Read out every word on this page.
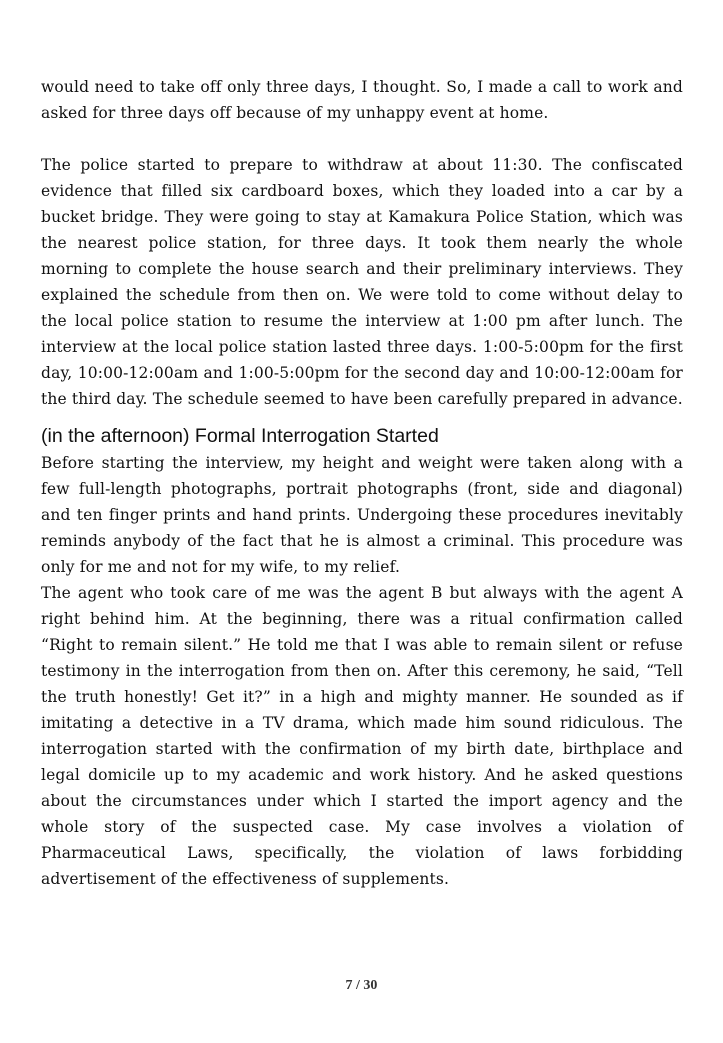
would need to take off only three days, I thought. So, I made a call to work and asked for three days off because of my unhappy event at home.

The police started to prepare to withdraw at about 11:30. The confiscated evidence that filled six cardboard boxes, which they loaded into a car by a bucket bridge. They were going to stay at Kamakura Police Station, which was the nearest police station, for three days. It took them nearly the whole morning to complete the house search and their preliminary interviews. They explained the schedule from then on. We were told to come without delay to the local police station to resume the interview at 1:00 pm after lunch. The interview at the local police station lasted three days. 1:00-5:00pm for the first day, 10:00-12:00am and 1:00-5:00pm for the second day and 10:00-12:00am for the third day. The schedule seemed to have been carefully prepared in advance.

(in the afternoon) Formal Interrogation Started

Before starting the interview, my height and weight were taken along with a few full-length photographs, portrait photographs (front, side and diagonal) and ten finger prints and hand prints. Undergoing these procedures inevitably reminds anybody of the fact that he is almost a criminal. This procedure was only for me and not for my wife, to my relief.

The agent who took care of me was the agent B but always with the agent A right behind him. At the beginning, there was a ritual confirmation called “Right to remain silent.” He told me that I was able to remain silent or refuse testimony in the interrogation from then on. After this ceremony, he said, “Tell the truth honestly! Get it?” in a high and mighty manner. He sounded as if imitating a detective in a TV drama, which made him sound ridiculous. The interrogation started with the confirmation of my birth date, birthplace and legal domicile up to my academic and work history. And he asked questions about the circumstances under which I started the import agency and the whole story of the suspected case. My case involves a violation of Pharmaceutical Laws, specifically, the violation of laws forbidding advertisement of the effectiveness of supplements.

7 / 30
